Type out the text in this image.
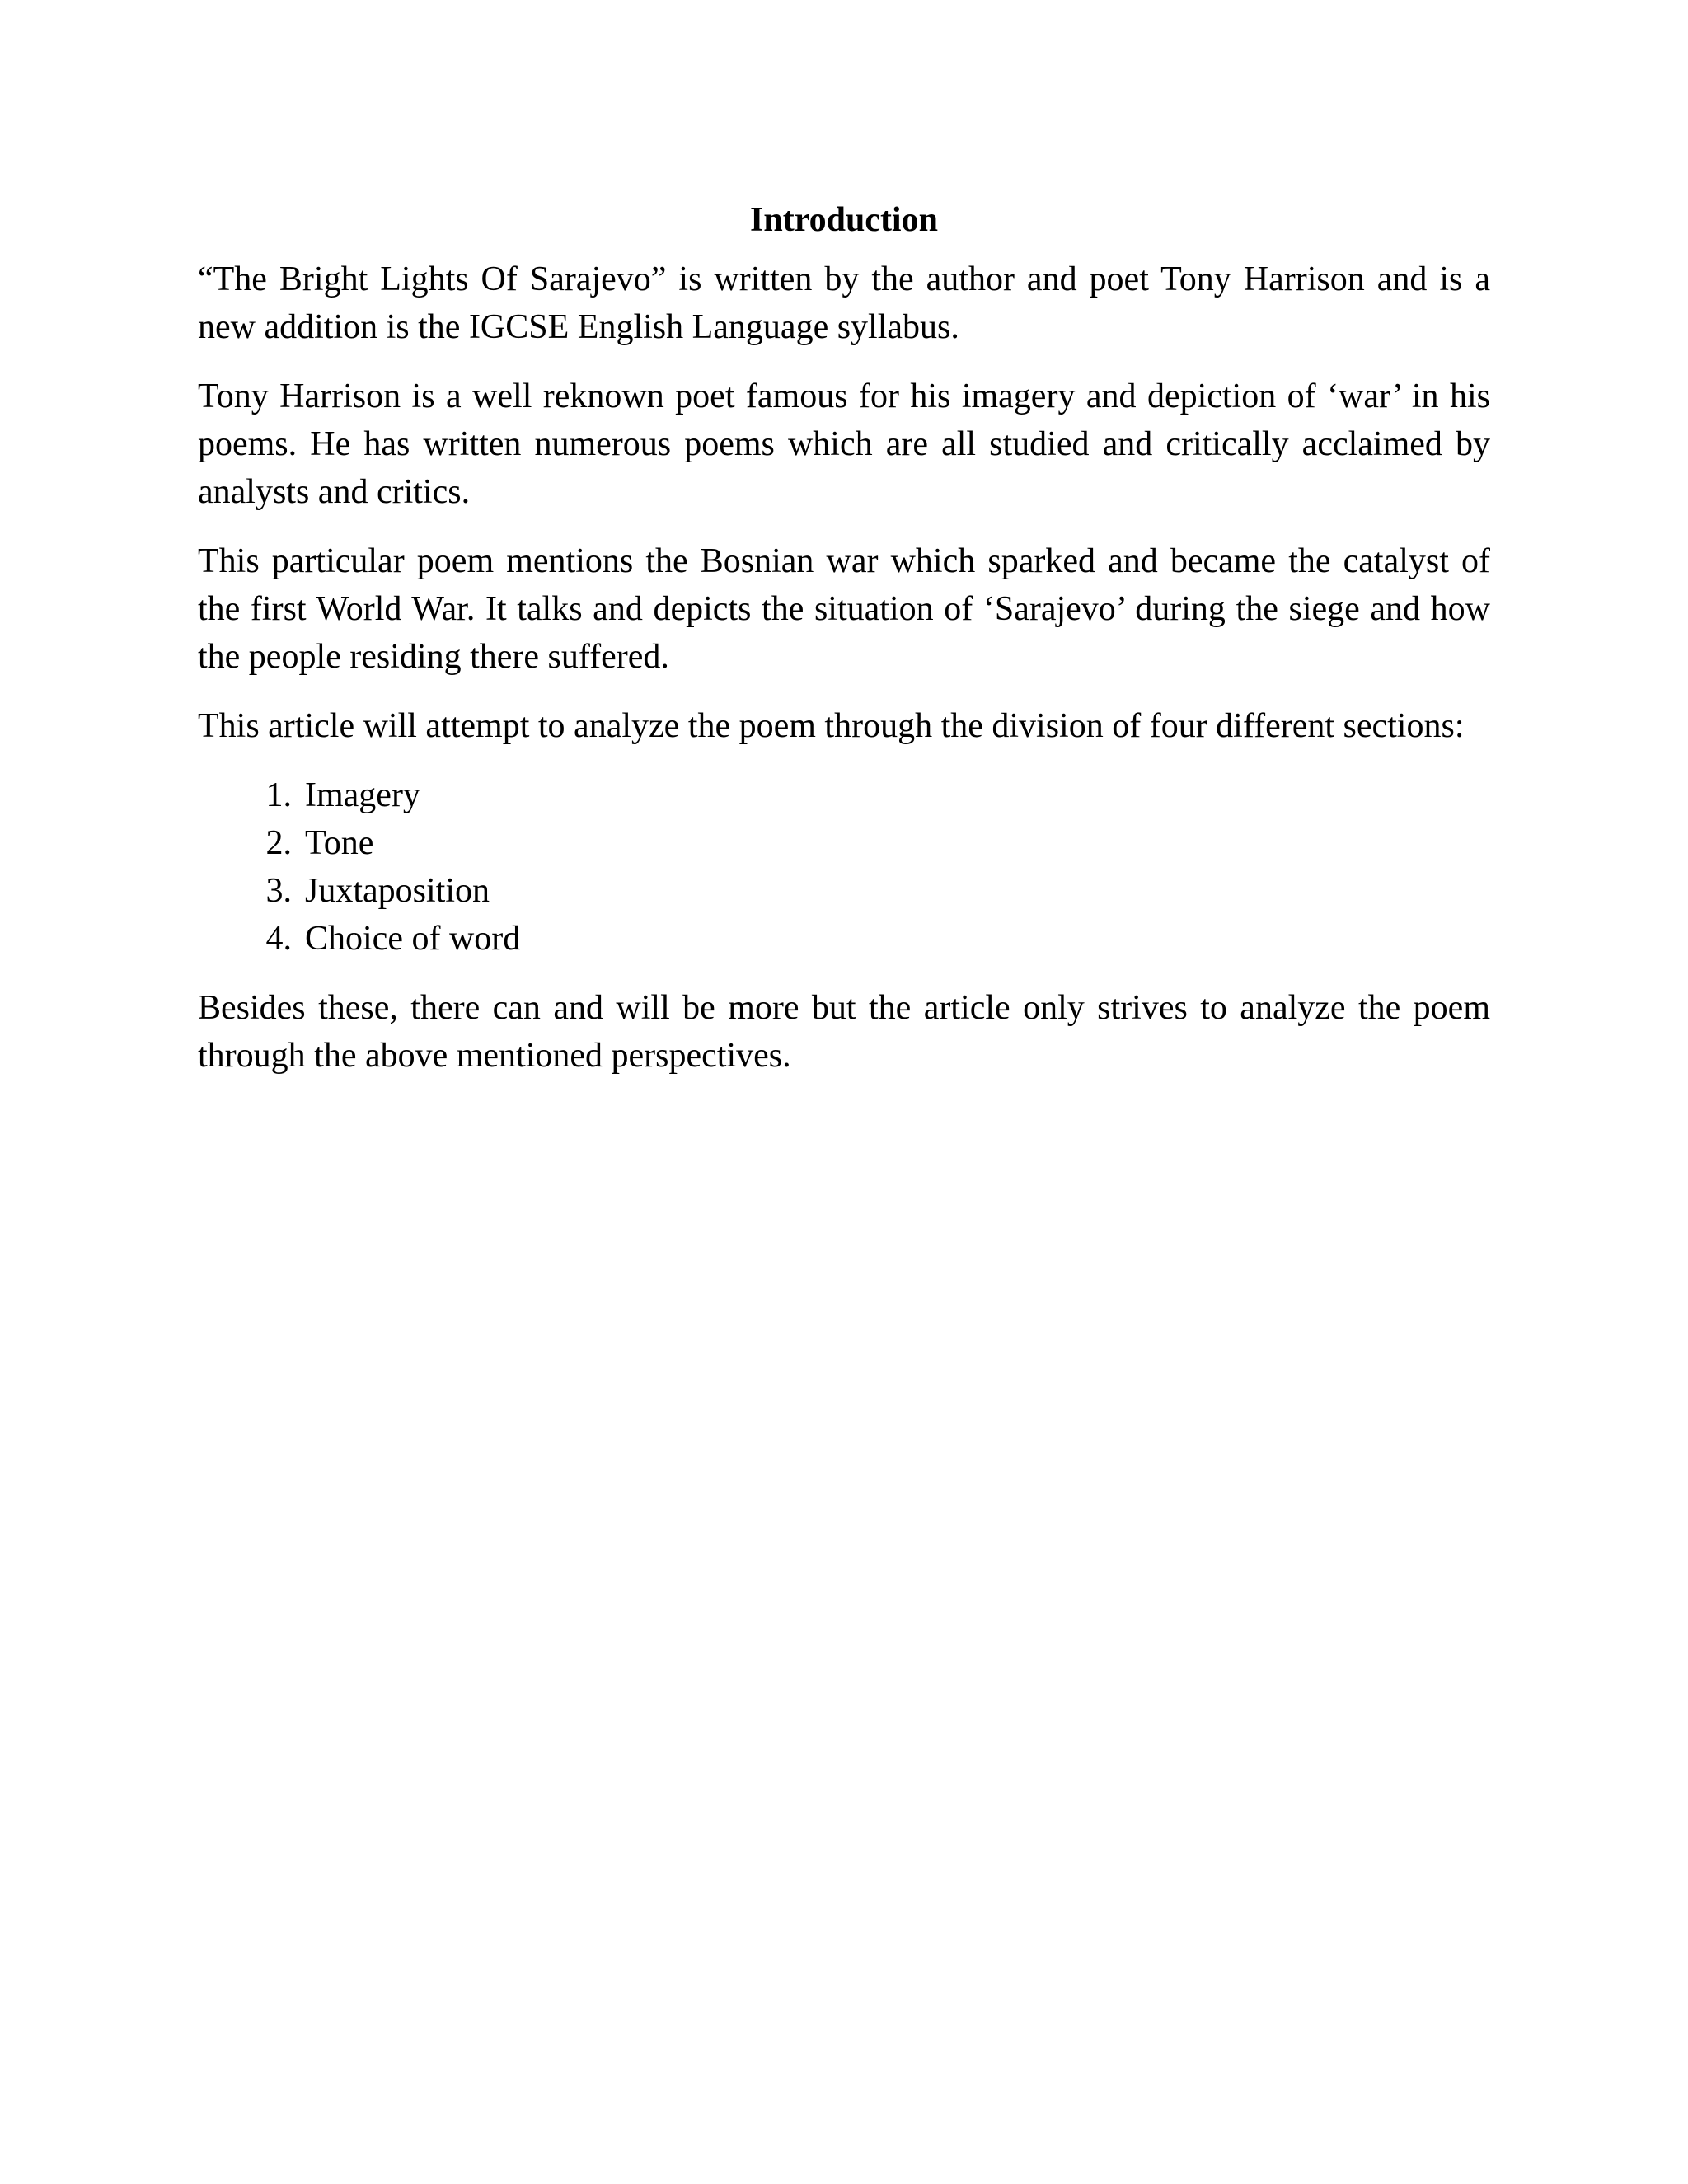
Introduction

“The Bright Lights Of Sarajevo” is written by the author and poet Tony Harrison and is a new addition is the IGCSE English Language syllabus.

Tony Harrison is a well reknown poet famous for his imagery and depiction of ‘war’ in his poems. He has written numerous poems which are all studied and critically acclaimed by analysts and critics.

This particular poem mentions the Bosnian war which sparked and became the catalyst of the first World War. It talks and depicts the situation of ‘Sarajevo’ during the siege and how the people residing there suffered.

This article will attempt to analyze the poem through the division of four different sections:

1. Imagery
2. Tone
3. Juxtaposition
4. Choice of word

Besides these, there can and will be more but the article only strives to analyze the poem through the above mentioned perspectives.
